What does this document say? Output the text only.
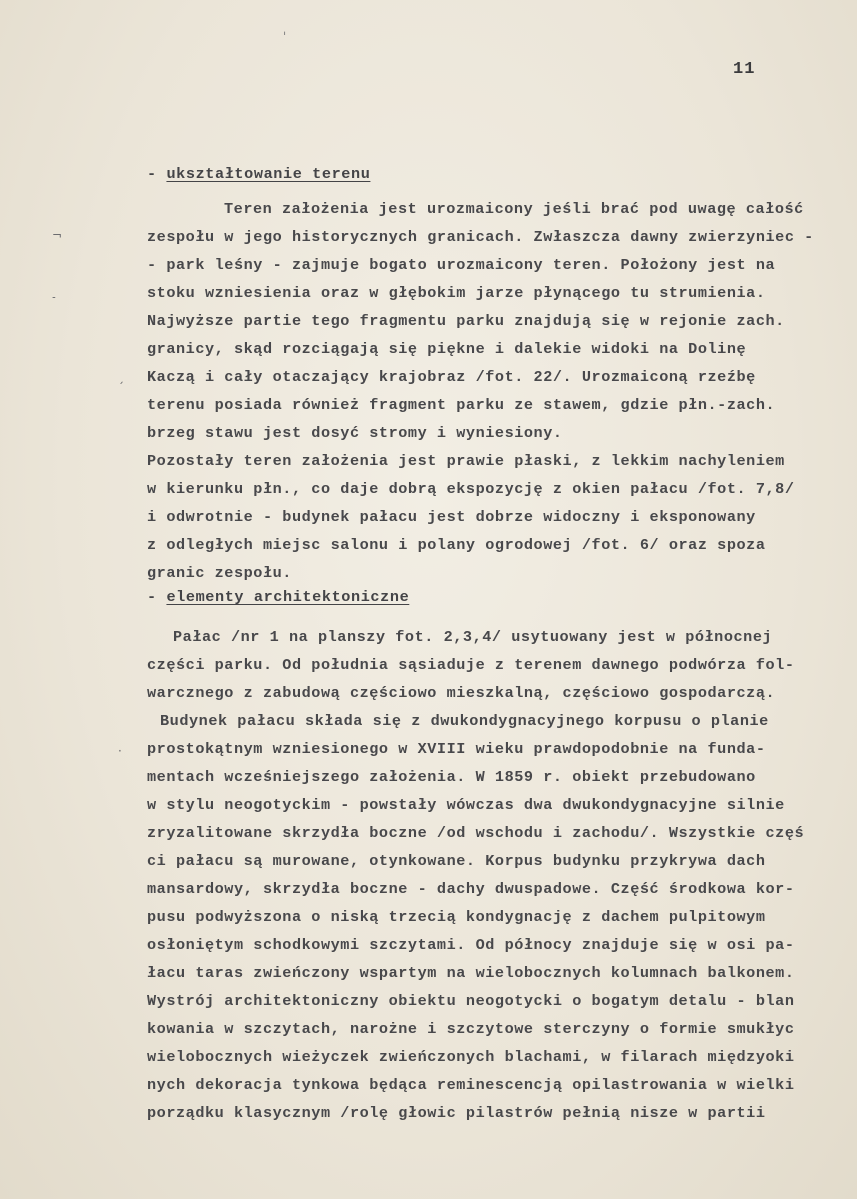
ˈ
¬
˗
ˏ
·
11
- ukształtowanie terenu
Teren założenia jest urozmaicony jeśli brać pod uwagę całość
zespołu w jego historycznych granicach. Zwłaszcza dawny zwierzyniec -
- park leśny - zajmuje bogato urozmaicony teren. Położony jest na
stoku wzniesienia oraz w głębokim jarze płynącego tu strumienia.
Najwyższe partie tego fragmentu parku znajdują się w rejonie zach.
granicy, skąd rozciągają się piękne i dalekie widoki na Dolinę
Kaczą i cały otaczający krajobraz /fot. 22/. Urozmaiconą rzeźbę
terenu posiada również fragment parku ze stawem, gdzie płn.-zach.
brzeg stawu jest dosyć stromy i wyniesiony.
Pozostały teren założenia jest prawie płaski, z lekkim nachyleniem
w kierunku płn., co daje dobrą ekspozycję z okien pałacu /fot. 7,8/
i odwrotnie - budynek pałacu jest dobrze widoczny i eksponowany
z odległych miejsc salonu i polany ogrodowej /fot. 6/ oraz spoza
granic zespołu.
- elementy architektoniczne
Pałac /nr 1 na planszy fot. 2,3,4/ usytuowany jest w północnej
części parku. Od południa sąsiaduje z terenem dawnego podwórza fol-
warcznego z zabudową częściowo mieszkalną, częściowo gospodarczą.
Budynek pałacu składa się z dwukondygnacyjnego korpusu o planie
prostokątnym wzniesionego w XVIII wieku prawdopodobnie na funda-
mentach wcześniejszego założenia. W 1859 r. obiekt przebudowano
w stylu neogotyckim - powstały wówczas dwa dwukondygnacyjne silnie
zryzalitowane skrzydła boczne /od wschodu i zachodu/. Wszystkie częś
ci pałacu są murowane, otynkowane. Korpus budynku przykrywa dach
mansardowy, skrzydła boczne - dachy dwuspadowe. Część środkowa kor-
pusu podwyższona o niską trzecią kondygnację z dachem pulpitowym
osłoniętym schodkowymi szczytami. Od północy znajduje się w osi pa-
łacu taras zwieńczony wspartym na wielobocznych kolumnach balkonem.
Wystrój architektoniczny obiektu neogotycki o bogatym detalu - blan
kowania w szczytach, narożne i szczytowe sterczyny o formie smukłyc
wielobocznych wieżyczek zwieńczonych blachami, w filarach międzyoki
nych dekoracja tynkowa będąca reminescencją opilastrowania w wielki
porządku klasycznym /rolę głowic pilastrów pełnią nisze w partii
